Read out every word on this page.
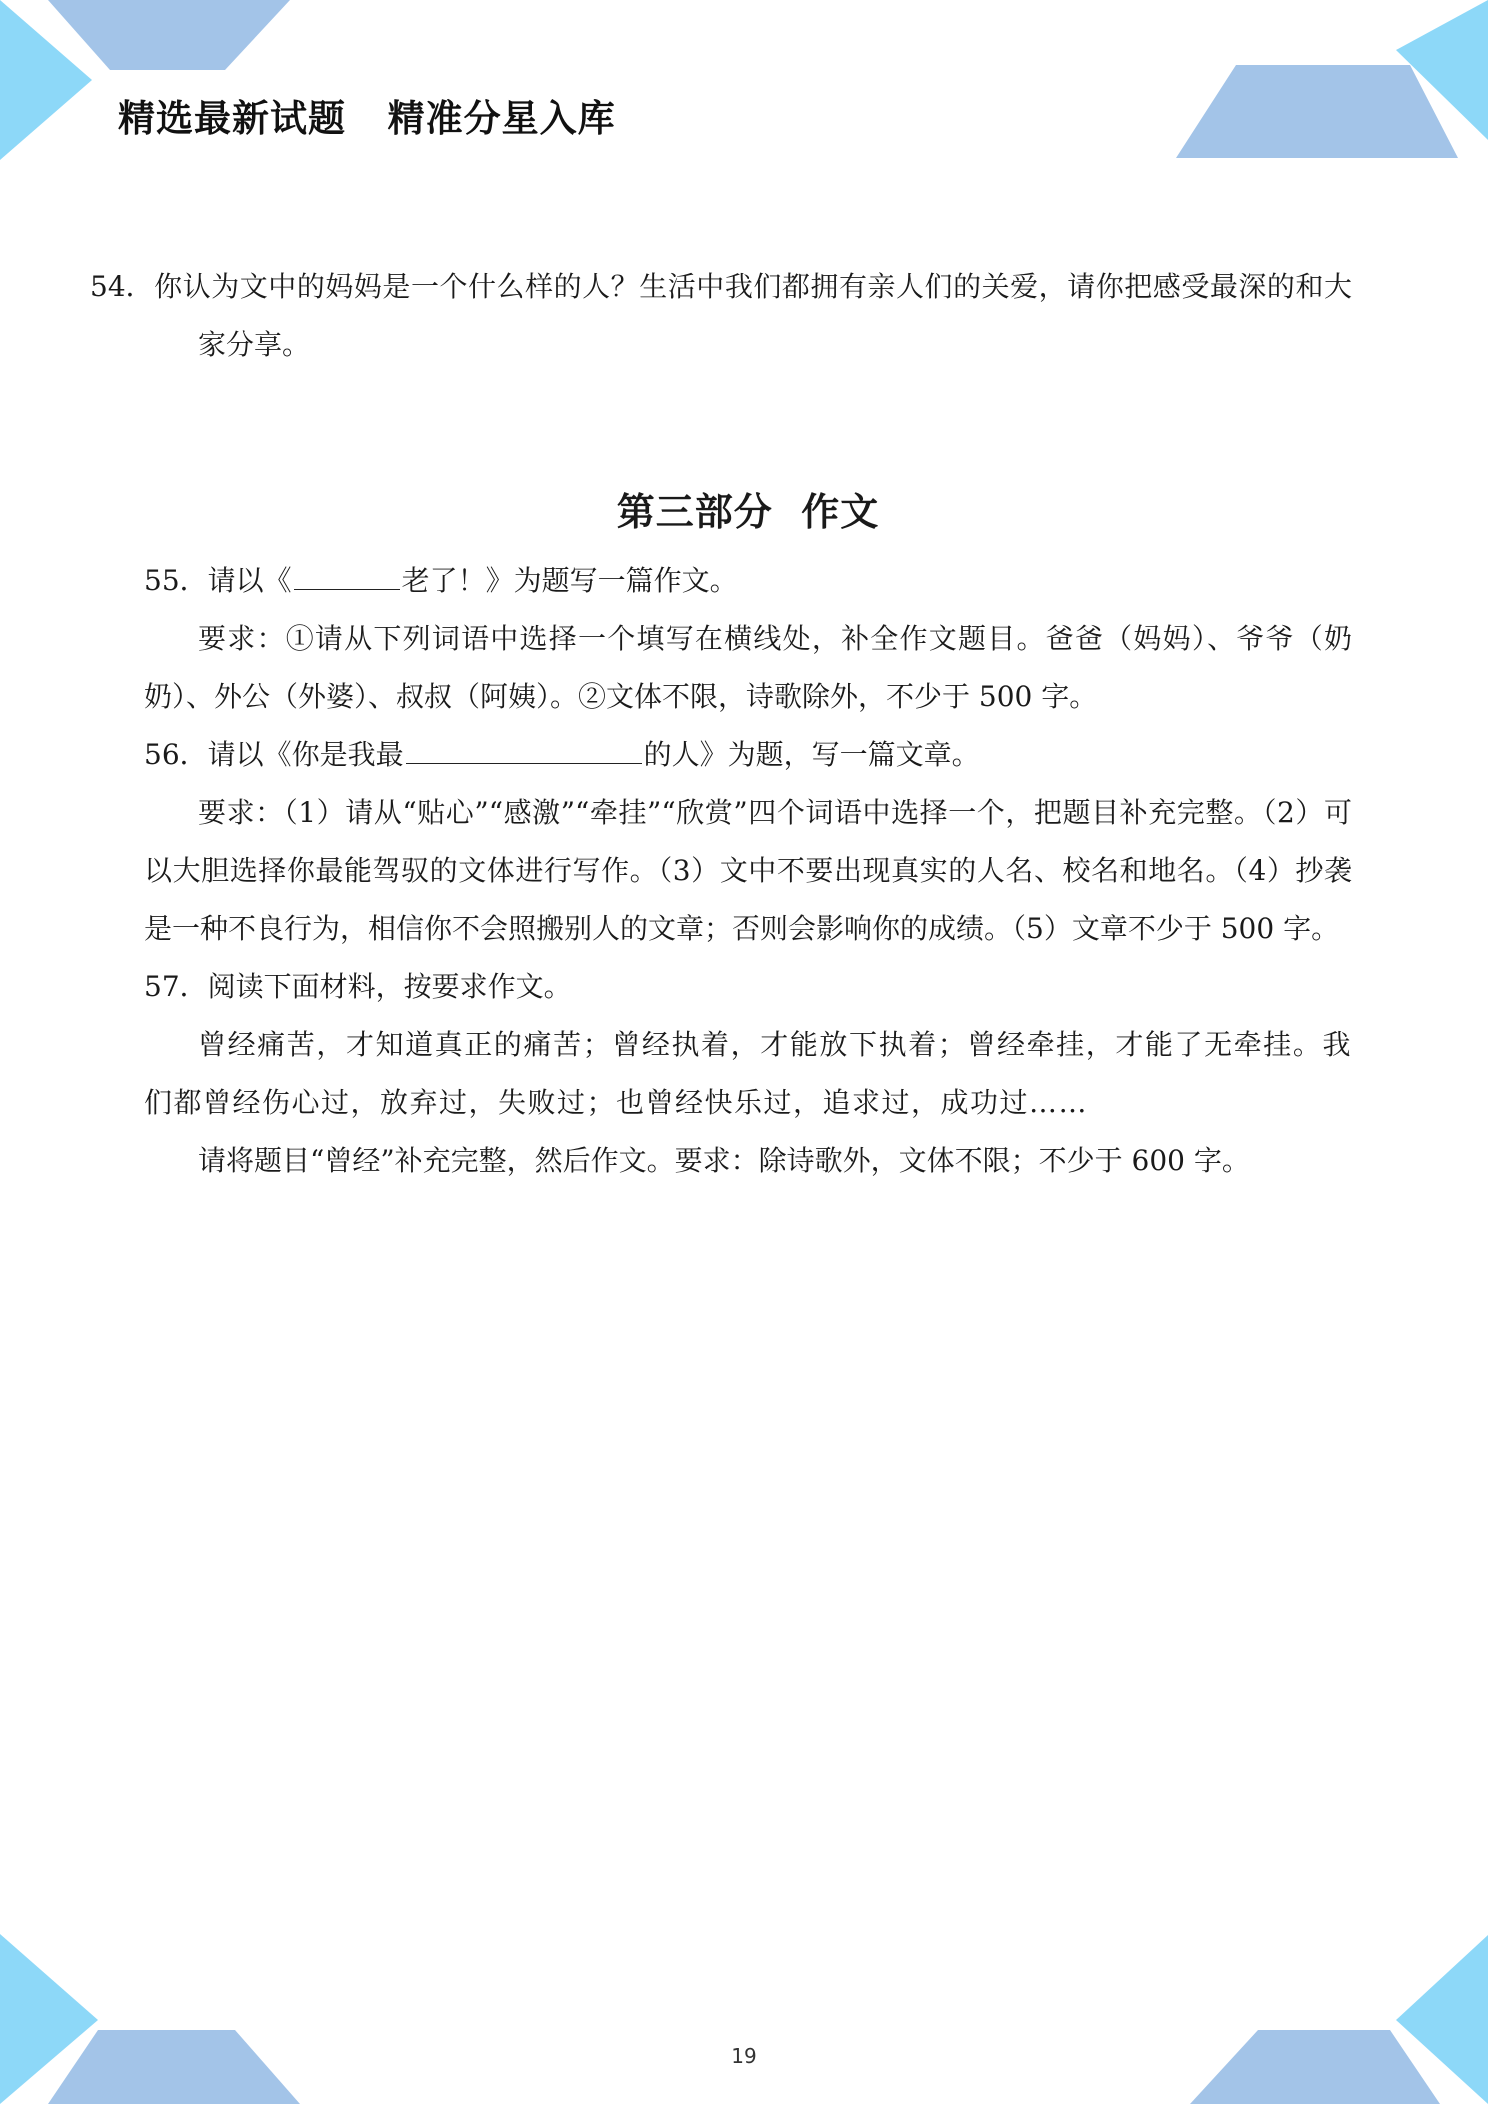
精选最新试题   精准分星入库

54．你认为文中的妈妈是一个什么样的人？生活中我们都拥有亲人们的关爱，请你把感受最深的和大家分享。

第三部分  作文

55．请以《	老了！》为题写一篇作文。

要求：①请从下列词语中选择一个填写在横线处，补全作文题目。爸爸（妈妈）、爷爷（奶奶）、外公（外婆）、叔叔（阿姨）。②文体不限，诗歌除外，不少于 500 字。

56．请以《你是我最	的人》为题，写一篇文章。

要求：（1）请从“贴心”“感激”“牵挂”“欣赏”四个词语中选择一个，把题目补充完整。（2）可以大胆选择你最能驾驭的文体进行写作。（3）文中不要出现真实的人名、校名和地名。（4）抄袭是一种不良行为，相信你不会照搬别人的文章；否则会影响你的成绩。（5）文章不少于 500 字。

57．阅读下面材料，按要求作文。

曾经痛苦，才知道真正的痛苦；曾经执着，才能放下执着；曾经牵挂，才能了无牵挂。我们都曾经伤心过，放弃过，失败过；也曾经快乐过，追求过，成功过……

请将题目“曾经”补充完整，然后作文。要求：除诗歌外，文体不限；不少于 600 字。

19
